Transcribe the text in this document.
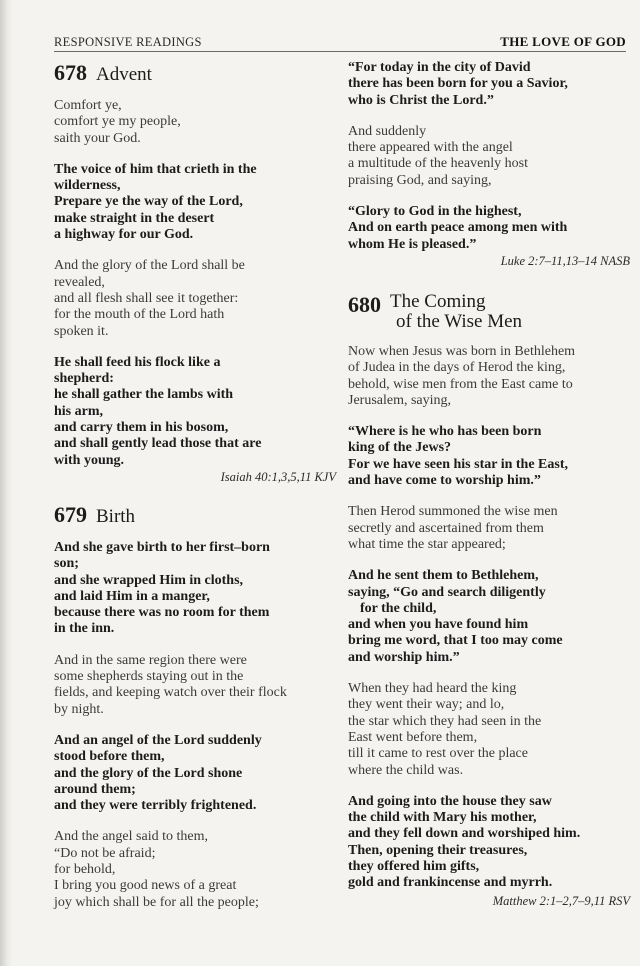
RESPONSIVE READINGS	THE LOVE OF GOD
678 Advent
Comfort ye,
comfort ye my people,
saith your God.
The voice of him that crieth in the
wilderness,
Prepare ye the way of the Lord,
make straight in the desert
a highway for our God.
And the glory of the Lord shall be
revealed,
and all flesh shall see it together:
for the mouth of the Lord hath
spoken it.
He shall feed his flock like a
shepherd:
he shall gather the lambs with
his arm,
and carry them in his bosom,
and shall gently lead those that are
with young.
Isaiah 40:1,3,5,11 KJV
679 Birth
And she gave birth to her first–born
son;
and she wrapped Him in cloths,
and laid Him in a manger,
because there was no room for them
in the inn.
And in the same region there were
some shepherds staying out in the
fields, and keeping watch over their flock
by night.
And an angel of the Lord suddenly
stood before them,
and the glory of the Lord shone
around them;
and they were terribly frightened.
And the angel said to them,
“Do not be afraid;
for behold,
I bring you good news of a great
joy which shall be for all the people;
“For today in the city of David
there has been born for you a Savior,
who is Christ the Lord.”
And suddenly
there appeared with the angel
a multitude of the heavenly host
praising God, and saying,
“Glory to God in the highest,
And on earth peace among men with
whom He is pleased.”
Luke 2:7–11,13–14 NASB
680 The Coming
of the Wise Men
Now when Jesus was born in Bethlehem
of Judea in the days of Herod the king,
behold, wise men from the East came to
Jerusalem, saying,
“Where is he who has been born
king of the Jews?
For we have seen his star in the East,
and have come to worship him.”
Then Herod summoned the wise men
secretly and ascertained from them
what time the star appeared;
And he sent them to Bethlehem,
saying, “Go and search diligently
for the child,
and when you have found him
bring me word, that I too may come
and worship him.”
When they had heard the king
they went their way; and lo,
the star which they had seen in the
East went before them,
till it came to rest over the place
where the child was.
And going into the house they saw
the child with Mary his mother,
and they fell down and worshiped him.
Then, opening their treasures,
they offered him gifts,
gold and frankincense and myrrh.
Matthew 2:1–2,7–9,11 RSV
